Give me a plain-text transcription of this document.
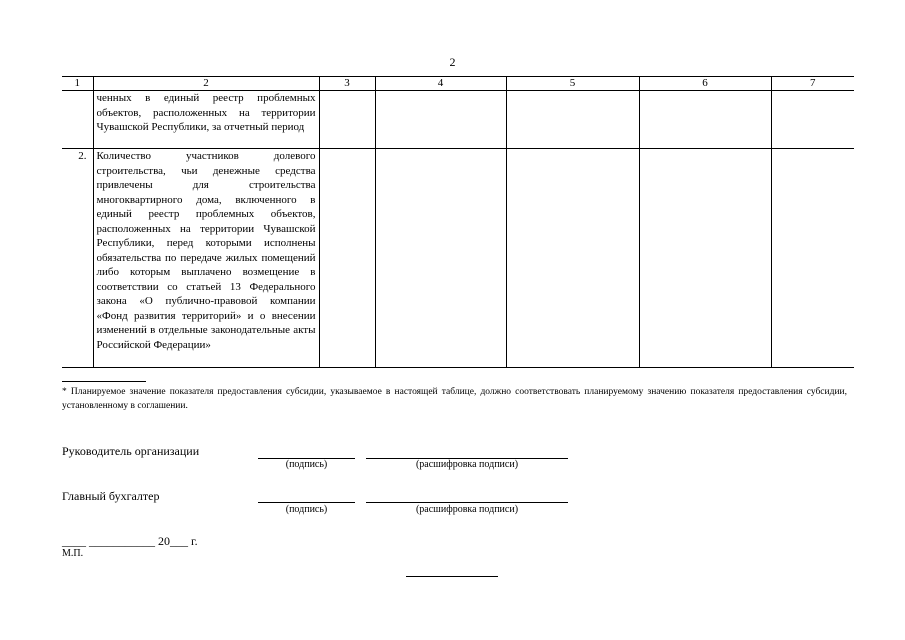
2
1	2	3	4	5	6	7
	ченных в единый реестр проблемных объектов, расположенных на территории Чувашской Республики, за отчетный период					
2.	Количество участников долевого строительства, чьи денежные средства привлечены для строительства многоквартирного дома, включенного в единый реестр проблемных объектов, расположенных на территории Чувашской Республики, перед которыми исполнены обязательства по передаче жилых помещений либо которым выплачено возмещение в соответствии со статьей 13 Федерального закона «О публично-правовой компании «Фонд развития территорий» и о внесении изменений в отдельные законодательные акты Российской Федерации»					
* Планируемое значение показателя предоставления субсидии, указываемое в настоящей таблице, должно соответствовать планируемому значению показателя предоставления субсидии, установленному в соглашении.
Руководитель организации
(подпись)	(расшифровка подписи)
Главный бухгалтер
(подпись)	(расшифровка подписи)
____ ___________ 20___ г.
М.П.
